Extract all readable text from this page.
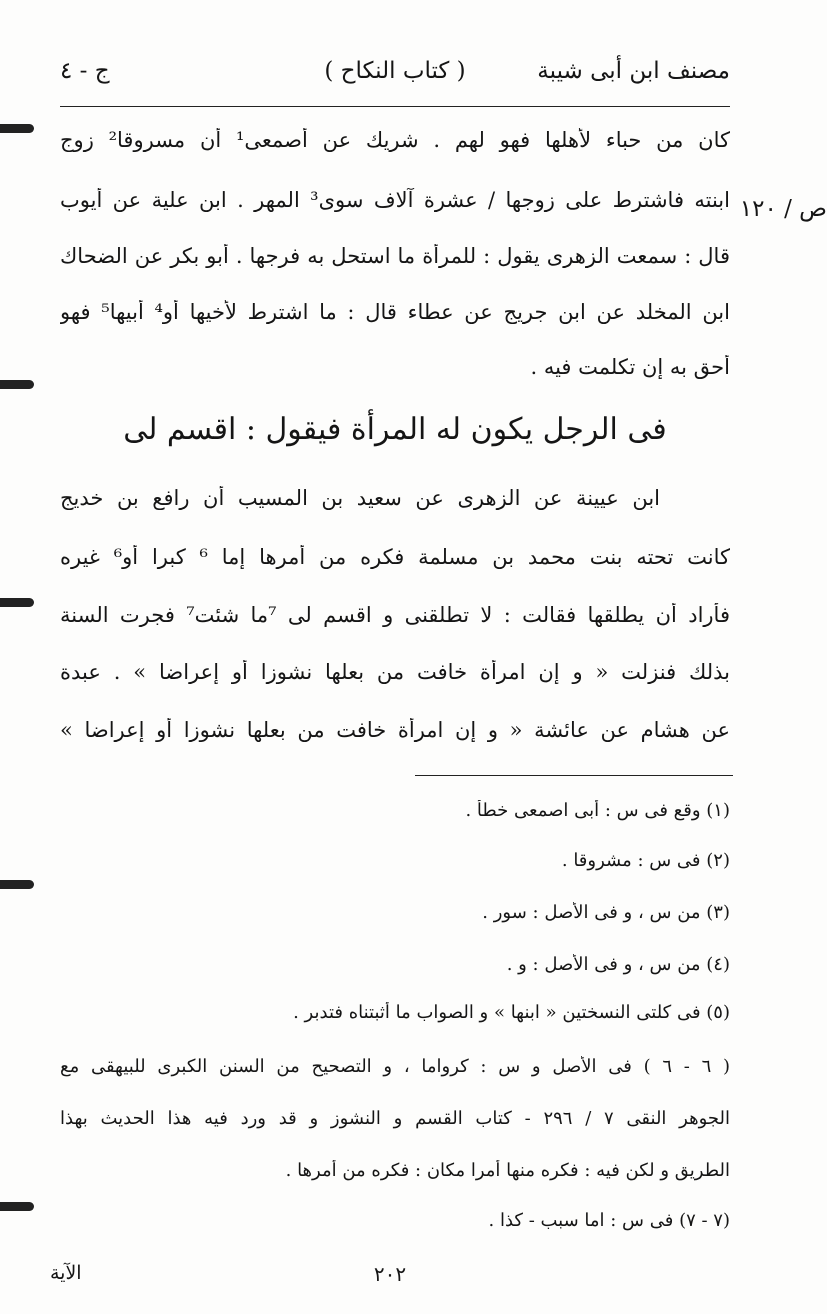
مصنف ابن أبى شيبة
( كتاب النكاح )
ج - ٤
ص / ١٢٠
كان من حباء لأهلها فهو لهم . شريك عن أصمعى¹ أن مسروقا² زوج
ابنته فاشترط على زوجها / عشرة آلاف سوى³ المهر . ابن علية عن أيوب
قال : سمعت الزهرى يقول : للمرأة ما استحل به فرجها . أبو بكر عن الضحاك
ابن المخلد عن ابن جريج عن عطاء قال : ما اشترط لأخيها أو⁴ أبيها⁵ فهو
أحق به إن تكلمت فيه .
فى الرجل يكون له المرأة فيقول : اقسم لى
ابن عيينة عن الزهرى عن سعيد بن المسيب أن رافع بن خديج
كانت تحته بنت محمد بن مسلمة فكره من أمرها إما ⁶ كبرا أو⁶ غيره
فأراد أن يطلقها فقالت : لا تطلقنى و اقسم لى ⁷ما شئت⁷ فجرت السنة
بذلك فنزلت « و إن امرأة خافت من بعلها نشوزا أو إعراضا » . عبدة
عن هشام عن عائشة « و إن امرأة خافت من بعلها نشوزا أو إعراضا »
(١) وقع فى س : أبى اصمعى خطأ .
(٢) فى س : مشروقا .
(٣) من س ، و فى الأصل : سور .
(٤) من س ، و فى الأصل : و .
(٥) فى كلتى النسختين « ابنها » و الصواب ما أثبتناه فتدبر .
( ٦ - ٦ ) فى الأصل و س : كرواما ، و التصحيح من السنن الكبرى للبيهقى مع
الجوهر النقى ٧ / ٢٩٦ - كتاب القسم و النشوز و قد ورد فيه هذا الحديث بهذا
الطريق و لكن فيه : فكره منها أمرا مكان : فكره من أمرها .
(٧ - ٧) فى س : اما سبب - كذا .
٢٠٢
الآية
